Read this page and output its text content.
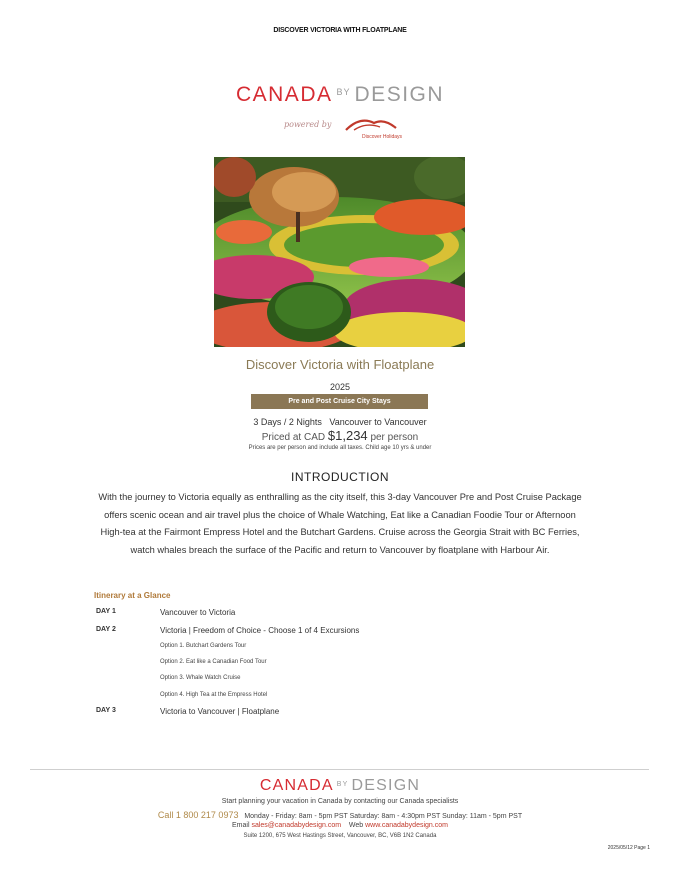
DISCOVER VICTORIA WITH FLOATPLANE
CANADA $^{BY}$ DESIGN
powered by
Discover Holidays
Discover Victoria with Floatplane
2025
Pre and Post Cruise City Stays
3 Days / 2 Nights Vancouver to Vancouver
Priced at CAD $1,234 per person
Prices are per person and include all taxes. Child age 10 yrs & under
INTRODUCTION
With the journey to Victoria equally as enthralling as the city itself, this 3-day Vancouver Pre and Post Cruise Package offers scenic ocean and air travel plus the choice of Whale Watching, Eat like a Canadian Foodie Tour or Afternoon High-tea at the Fairmont Empress Hotel and the Butchart Gardens. Cruise across the Georgia Strait with BC Ferries, watch whales breach the surface of the Pacific and return to Vancouver by floatplane with Harbour Air.
Itinerary at a Glance
DAY 1	Vancouver to Victoria
DAY 2	Victoria | Freedom of Choice - Choose 1 of 4 Excursions
Option 1. Butchart Gardens Tour
Option 2. Eat like a Canadian Food Tour
Option 3. Whale Watch Cruise
Option 4. High Tea at the Empress Hotel
DAY 3	Victoria to Vancouver | Floatplane
CANADA $^{BY}$ DESIGN
Start planning your vacation in Canada by contacting our Canada specialists
Call 1 800 217 0973 Monday - Friday: 8am - 5pm PST Saturday: 8am - 4:30pm PST Sunday: 11am - 5pm PST
Email sales@canadabydesign.com Web www.canadabydesign.com
Suite 1200, 675 West Hastings Street, Vancouver, BC, V6B 1N2 Canada
2025/05/12 Page 1
